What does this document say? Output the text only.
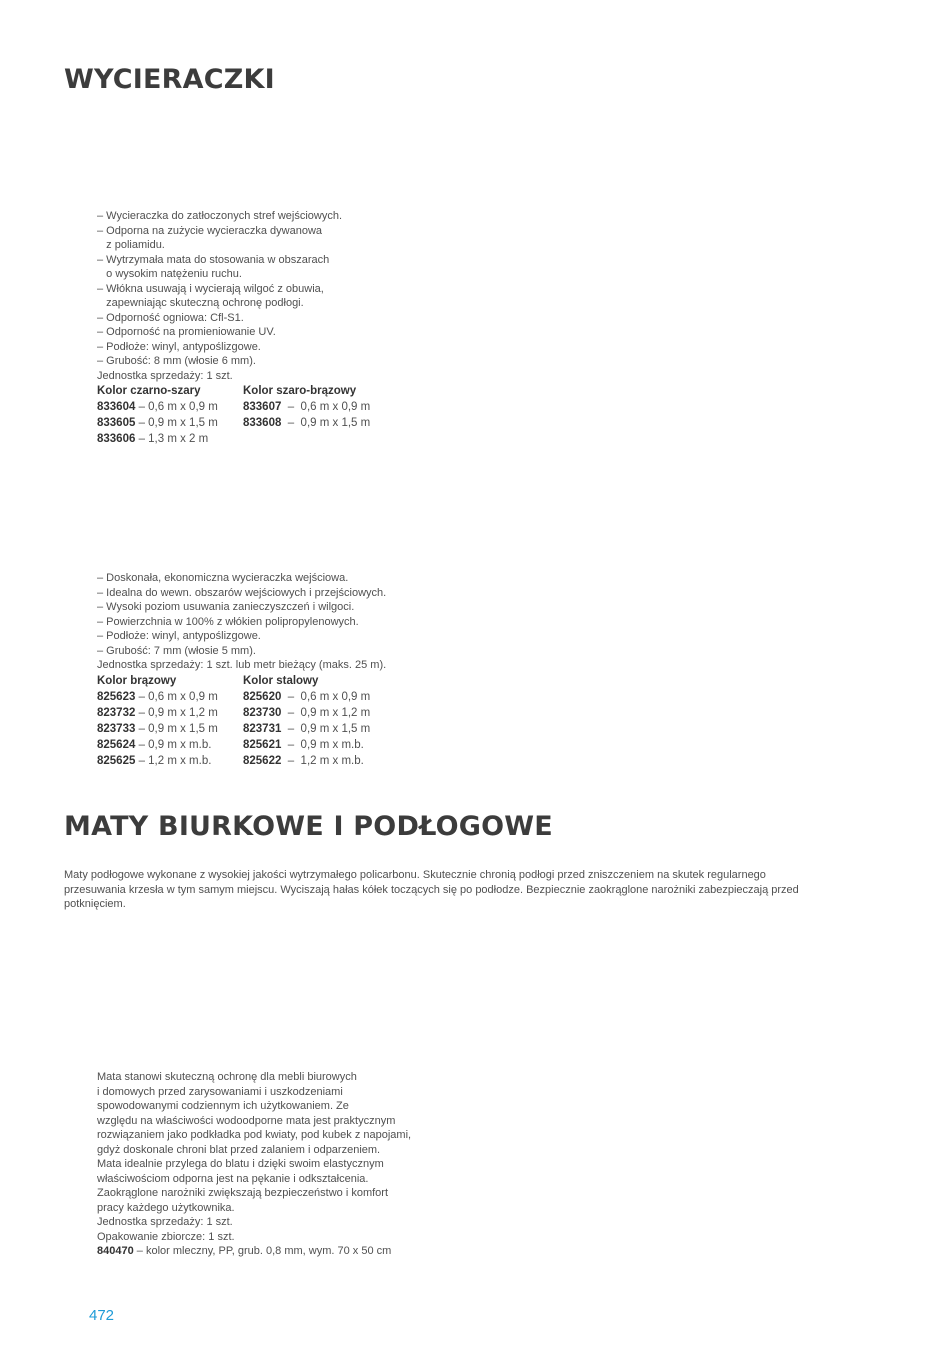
WYCIERACZKI
– Wycieraczka do zatłoczonych stref wejściowych.
– Odporna na zużycie wycieraczka dywanowa
z poliamidu.
– Wytrzymała mata do stosowania w obszarach
o wysokim natężeniu ruchu.
– Włókna usuwają i wycierają wilgoć z obuwia,
zapewniając skuteczną ochronę podłogi.
– Odporność ogniowa: Cfl-S1.
– Odporność na promieniowanie UV.
– Podłoże: winyl, antypoślizgowe.
– Grubość: 8 mm (włosie 6 mm).
Jednostka sprzedaży: 1 szt.
Kolor czarno-szary
833604 – 0,6 m x 0,9 m
833605 – 0,9 m x 1,5 m
833606 – 1,3 m x 2 m
Kolor szaro-brązowy
833607  –  0,6 m x 0,9 m
833608  –  0,9 m x 1,5 m
– Doskonała, ekonomiczna wycieraczka wejściowa.
– Idealna do wewn. obszarów wejściowych i przejściowych.
– Wysoki poziom usuwania zanieczyszczeń i wilgoci.
– Powierzchnia w 100% z włókien polipropylenowych.
– Podłoże: winyl, antypoślizgowe.
– Grubość: 7 mm (włosie 5 mm).
Jednostka sprzedaży: 1 szt. lub metr bieżący (maks. 25 m).
Kolor brązowy
825623 – 0,6 m x 0,9 m
823732 – 0,9 m x 1,2 m
823733 – 0,9 m x 1,5 m
825624 – 0,9 m x m.b.
825625 – 1,2 m x m.b.
Kolor stalowy
825620  –  0,6 m x 0,9 m
823730  –  0,9 m x 1,2 m
823731  –  0,9 m x 1,5 m
825621  –  0,9 m x m.b.
825622  –  1,2 m x m.b.
MATY BIURKOWE I PODŁOGOWE

Maty podłogowe wykonane z wysokiej jakości wytrzymałego policarbonu. Skutecznie chronią podłogi przed zniszczeniem na skutek regularnego przesuwania krzesła w tym samym miejscu. Wyciszają hałas kółek toczących się po podłodze. Bezpiecznie zaokrąglone narożniki zabezpieczają przed potknięciem.

Mata stanowi skuteczną ochronę dla mebli biurowych
i domowych przed zarysowaniami i uszkodzeniami
spowodowanymi codziennym ich użytkowaniem. Ze
względu na właściwości wodoodporne mata jest praktycznym
rozwiązaniem jako podkładka pod kwiaty, pod kubek z napojami,
gdyż doskonale chroni blat przed zalaniem i odparzeniem.
Mata idealnie przylega do blatu i dzięki swoim elastycznym
właściwościom odporna jest na pękanie i odkształcenia.
Zaokrąglone narożniki zwiększają bezpieczeństwo i komfort
pracy każdego użytkownika.
Jednostka sprzedaży: 1 szt.
Opakowanie zbiorcze: 1 szt.
840470 – kolor mleczny, PP, grub. 0,8 mm, wym. 70 x 50 cm
472
